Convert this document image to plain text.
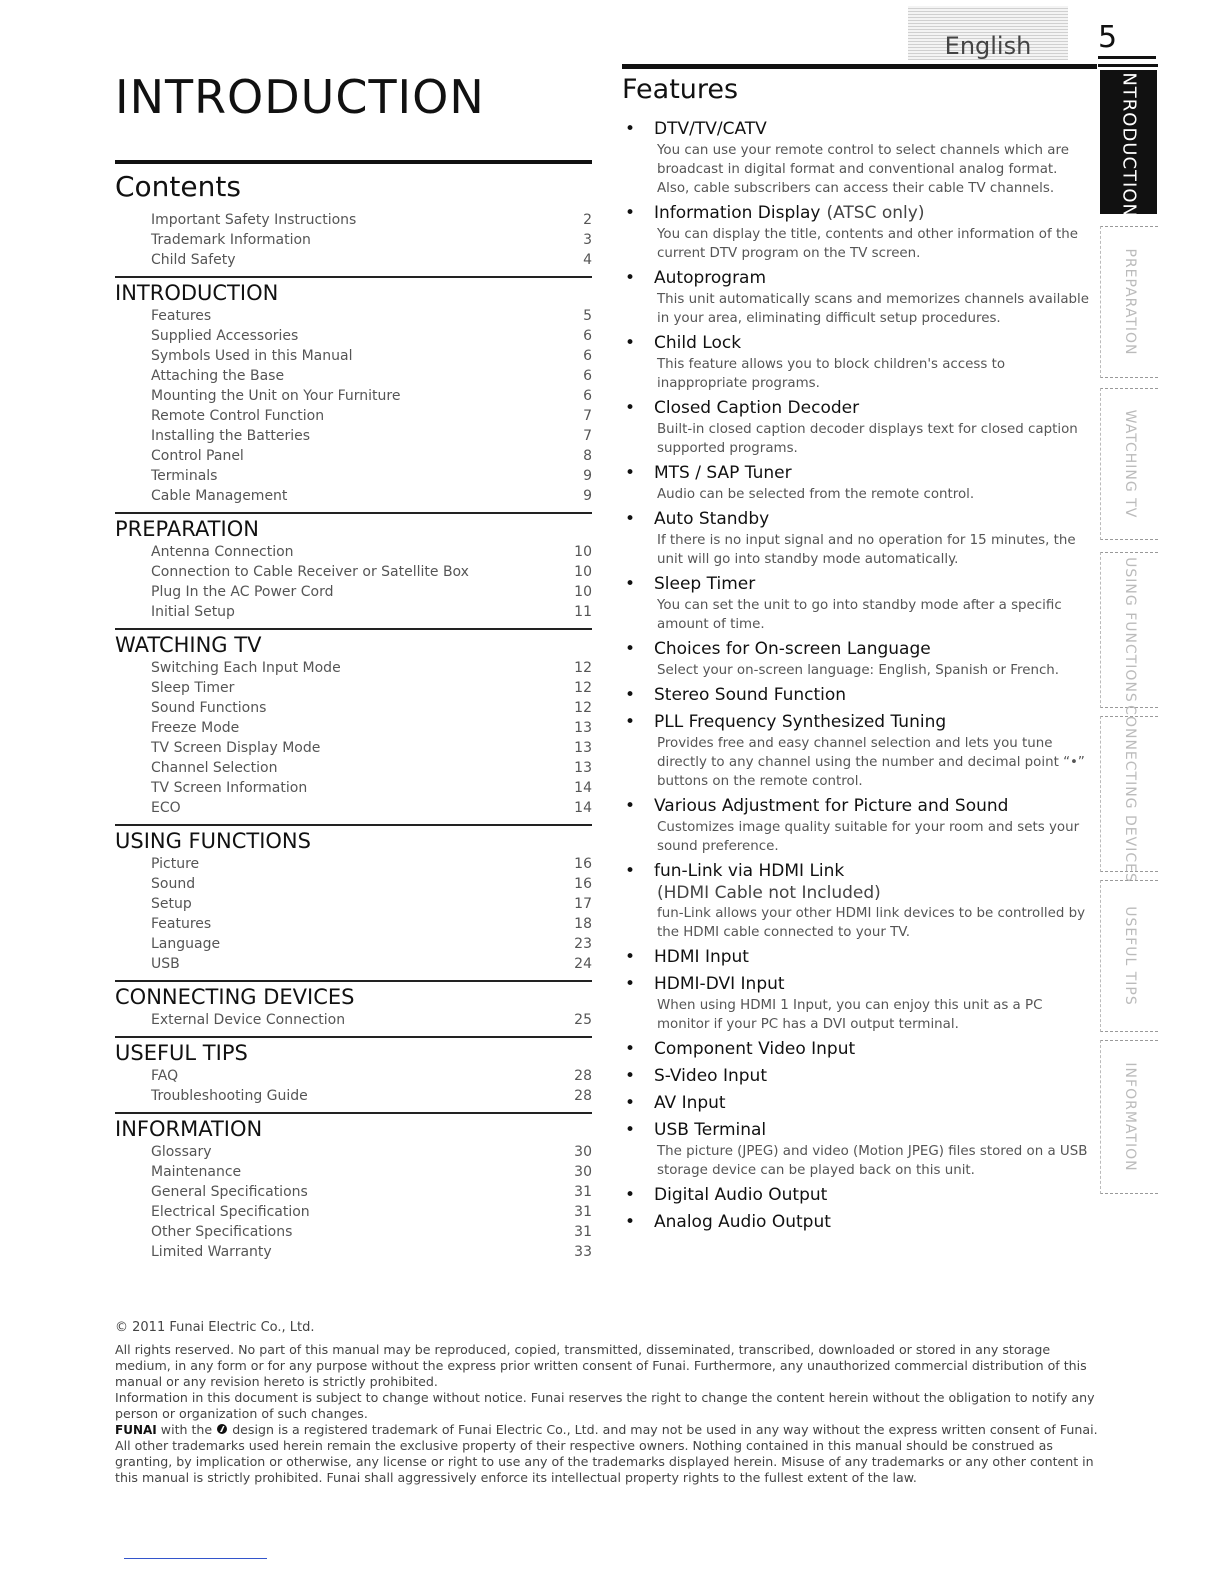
English	5
INTRODUCTION
Contents
Important Safety Instructions	2
Trademark Information	3
Child Safety	4
INTRODUCTION
Features	5
Supplied Accessories	6
Symbols Used in this Manual	6
Attaching the Base	6
Mounting the Unit on Your Furniture	6
Remote Control Function	7
Installing the Batteries	7
Control Panel	8
Terminals	9
Cable Management	9
PREPARATION
Antenna Connection	10
Connection to Cable Receiver or Satellite Box	10
Plug In the AC Power Cord	10
Initial Setup	11
WATCHING TV
Switching Each Input Mode	12
Sleep Timer	12
Sound Functions	12
Freeze Mode	13
TV Screen Display Mode	13
Channel Selection	13
TV Screen Information	14
ECO	14
USING FUNCTIONS
Picture	16
Sound	16
Setup	17
Features	18
Language	23
USB	24
CONNECTING DEVICES
External Device Connection	25
USEFUL TIPS
FAQ	28
Troubleshooting Guide	28
INFORMATION
Glossary	30
Maintenance	30
General Specifications	31
Electrical Specification	31
Other Specifications	31
Limited Warranty	33
Features
•	DTV/TV/CATV
You can use your remote control to select channels which are broadcast in digital format and conventional analog format. Also, cable subscribers can access their cable TV channels.
•	Information Display (ATSC only)
You can display the title, contents and other information of the current DTV program on the TV screen.
•	Autoprogram
This unit automatically scans and memorizes channels available in your area, eliminating difficult setup procedures.
•	Child Lock
This feature allows you to block children's access to inappropriate programs.
•	Closed Caption Decoder
Built-in closed caption decoder displays text for closed caption supported programs.
•	MTS / SAP Tuner
Audio can be selected from the remote control.
•	Auto Standby
If there is no input signal and no operation for 15 minutes, the unit will go into standby mode automatically.
•	Sleep Timer
You can set the unit to go into standby mode after a specific amount of time.
•	Choices for On-screen Language
Select your on-screen language: English, Spanish or French.
•	Stereo Sound Function
•	PLL Frequency Synthesized Tuning
Provides free and easy channel selection and lets you tune directly to any channel using the number and decimal point “•” buttons on the remote control.
•	Various Adjustment for Picture and Sound
Customizes image quality suitable for your room and sets your sound preference.
•	fun-Link via HDMI Link
(HDMI Cable not Included)
fun-Link allows your other HDMI link devices to be controlled by the HDMI cable connected to your TV.
•	HDMI Input
•	HDMI-DVI Input
When using HDMI 1 Input, you can enjoy this unit as a PC monitor if your PC has a DVI output terminal.
•	Component Video Input
•	S-Video Input
•	AV Input
•	USB Terminal
The picture (JPEG) and video (Motion JPEG) files stored on a USB storage device can be played back on this unit.
•	Digital Audio Output
•	Analog Audio Output
INTRODUCTION
PREPARATION
WATCHING TV
USING FUNCTIONS
CONNECTING DEVICES
USEFUL TIPS
INFORMATION

© 2011 Funai Electric Co., Ltd.

All rights reserved. No part of this manual may be reproduced, copied, transmitted, disseminated, transcribed, downloaded or stored in any storage medium, in any form or for any purpose without the express prior written consent of Funai. Furthermore, any unauthorized commercial distribution of this manual or any revision hereto is strictly prohibited.

Information in this document is subject to change without notice. Funai reserves the right to change the content herein without the obligation to notify any person or organization of such changes.

FUNAI with the design is a registered trademark of Funai Electric Co., Ltd. and may not be used in any way without the express written consent of Funai. All other trademarks used herein remain the exclusive property of their respective owners. Nothing contained in this manual should be construed as granting, by implication or otherwise, any license or right to use any of the trademarks displayed herein. Misuse of any trademarks or any other content in this manual is strictly prohibited. Funai shall aggressively enforce its intellectual property rights to the fullest extent of the law.
